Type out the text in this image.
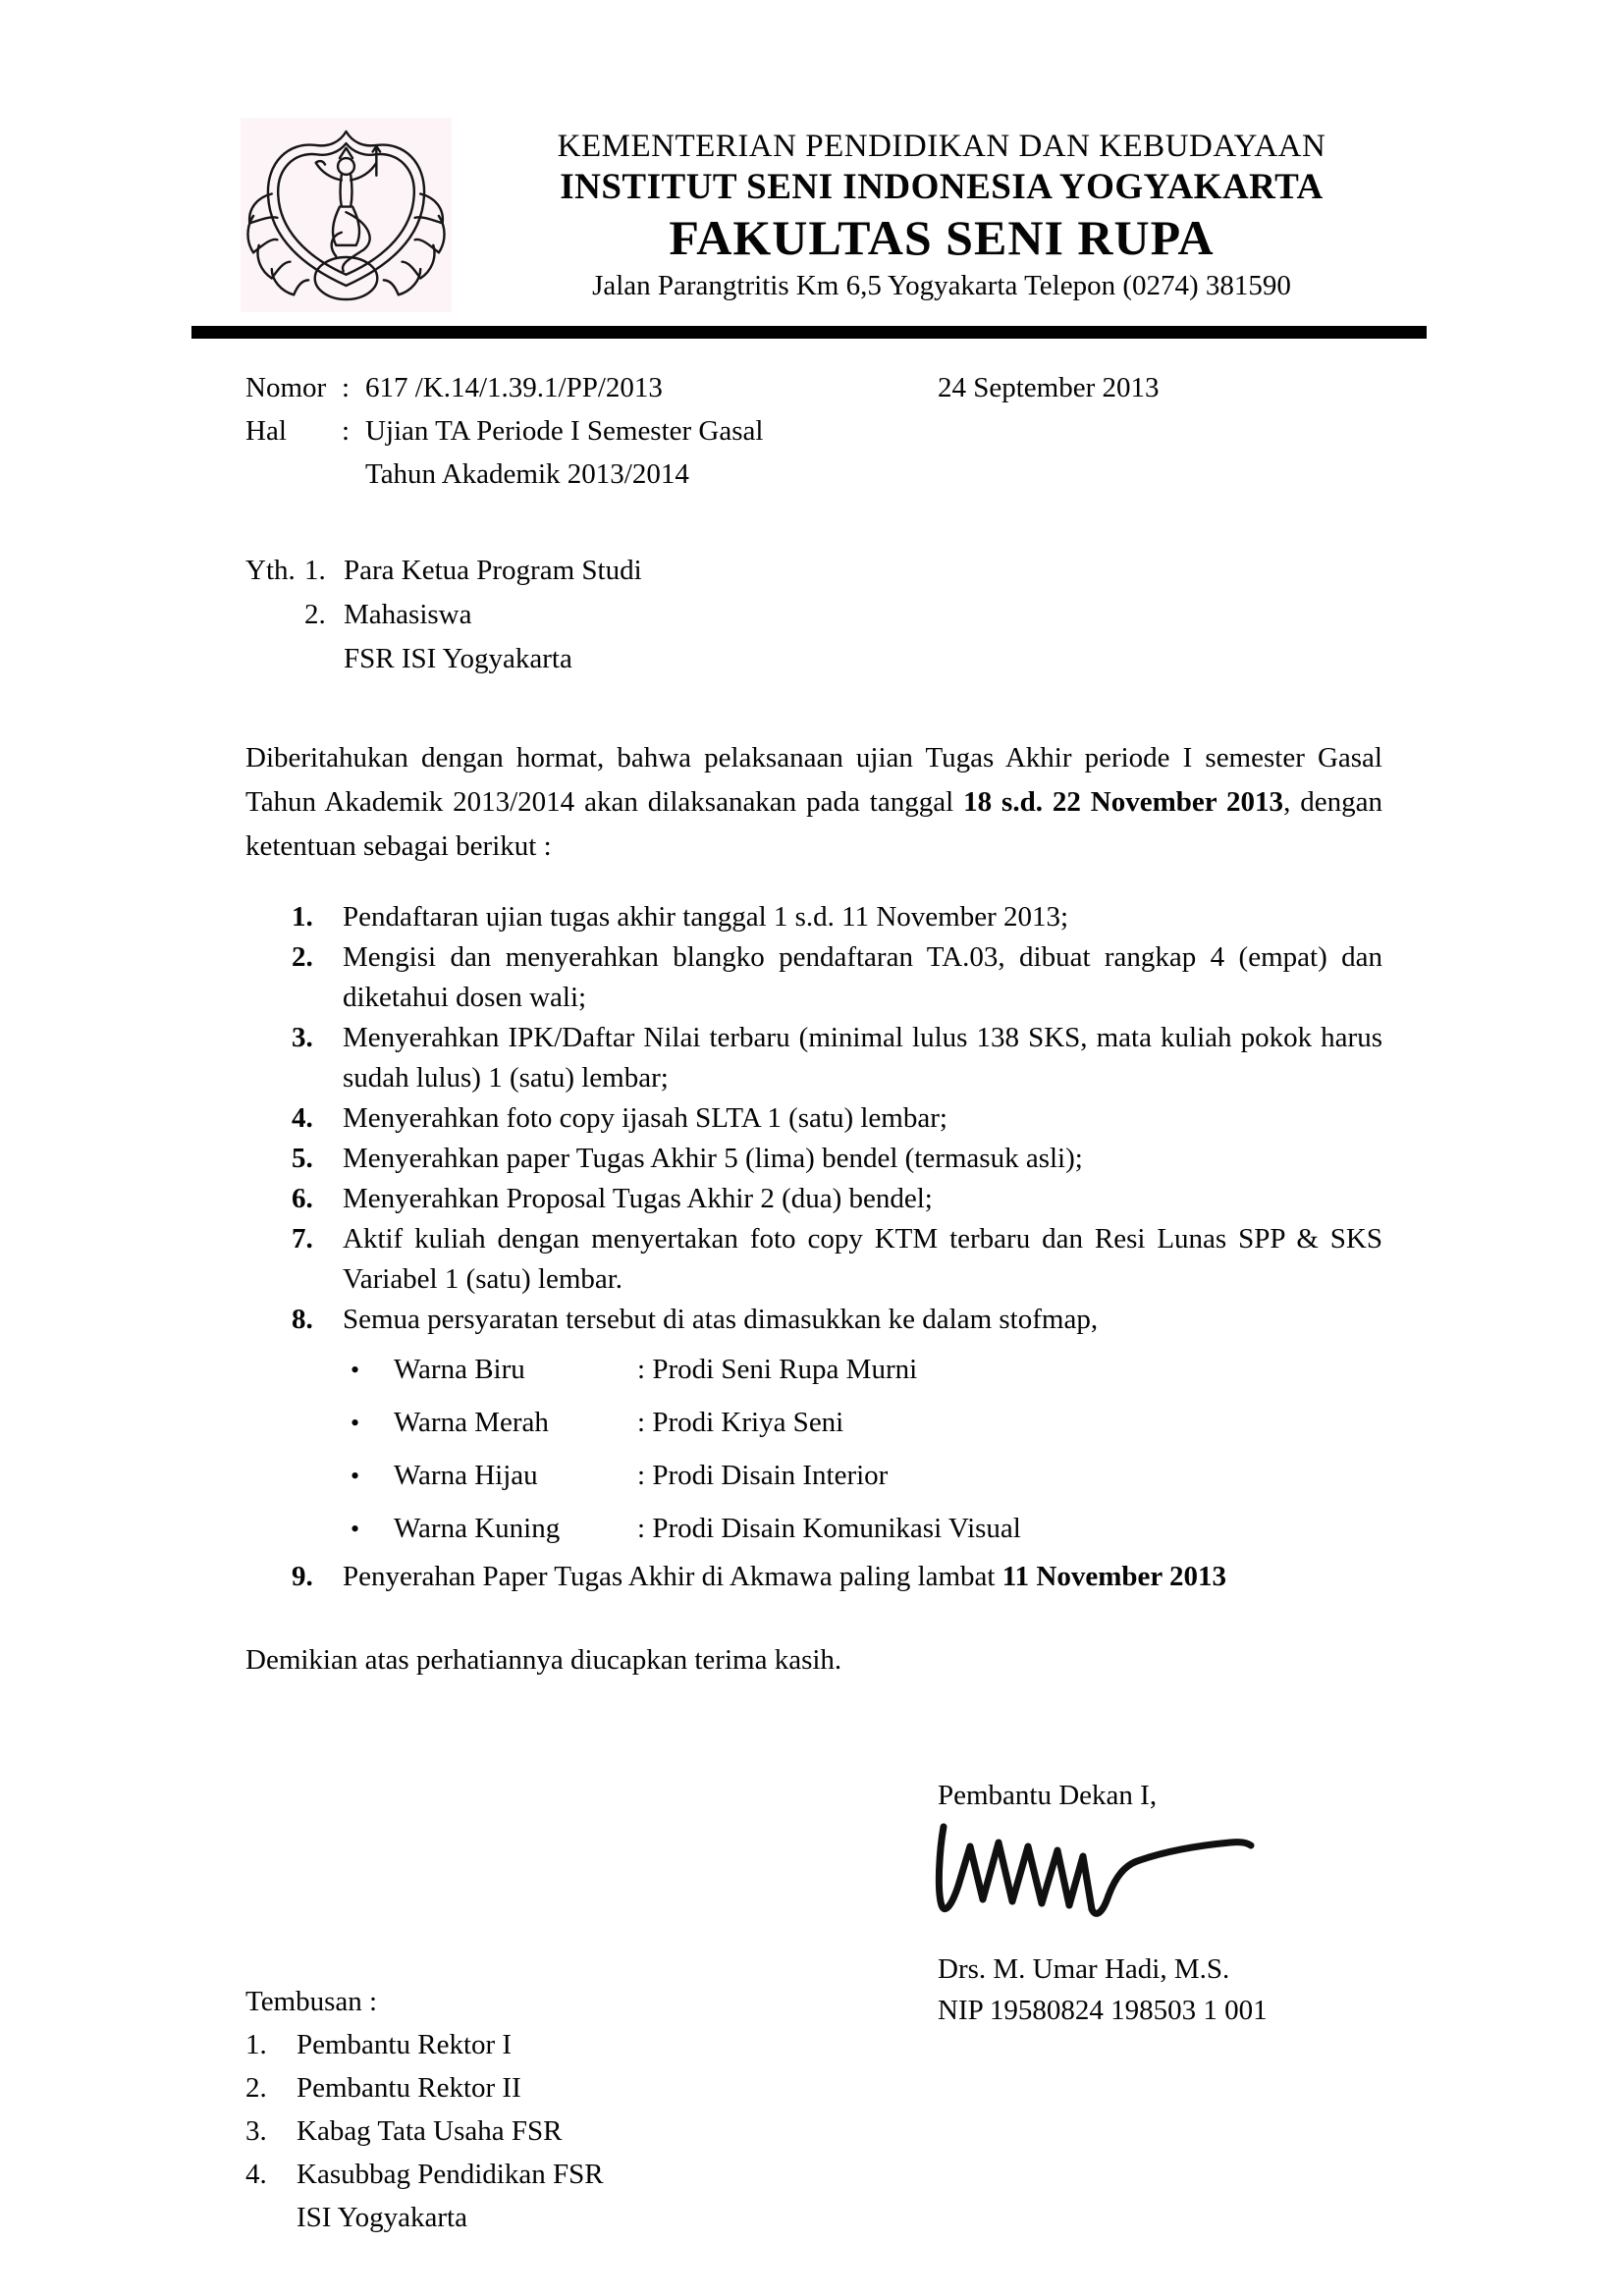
KEMENTERIAN PENDIDIKAN DAN KEBUDAYAAN
INSTITUT SENI INDONESIA YOGYAKARTA
FAKULTAS SENI RUPA
Jalan Parangtritis Km 6,5 Yogyakarta Telepon (0274) 381590
Nomor : 617 /K.14/1.39.1/PP/2013	24 September 2013
Hal	: Ujian TA Periode I Semester Gasal
Tahun Akademik 2013/2014
Yth. 1. Para Ketua Program Studi
2. Mahasiswa
FSR ISI Yogyakarta

Diberitahukan dengan hormat, bahwa pelaksanaan ujian Tugas Akhir periode I semester Gasal Tahun Akademik 2013/2014 akan dilaksanakan pada tanggal 18 s.d. 22 November 2013, dengan ketentuan sebagai berikut :

1.	Pendaftaran ujian tugas akhir tanggal 1 s.d. 11 November 2013;
2.	Mengisi dan menyerahkan blangko pendaftaran TA.03, dibuat rangkap 4 (empat) dan diketahui dosen wali;
3.	Menyerahkan IPK/Daftar Nilai terbaru (minimal lulus 138 SKS, mata kuliah pokok harus sudah lulus) 1 (satu) lembar;
4.	Menyerahkan foto copy ijasah SLTA 1 (satu) lembar;
5.	Menyerahkan paper Tugas Akhir 5 (lima) bendel (termasuk asli);
6.	Menyerahkan Proposal Tugas Akhir 2 (dua) bendel;
7.	Aktif kuliah dengan menyertakan foto copy KTM terbaru dan Resi Lunas SPP & SKS Variabel 1 (satu) lembar.
8.	Semua persyaratan tersebut di atas dimasukkan ke dalam stofmap,
•	Warna Biru	: Prodi Seni Rupa Murni
•	Warna Merah	: Prodi Kriya Seni
•	Warna Hijau	: Prodi Disain Interior
•	Warna Kuning	: Prodi Disain Komunikasi Visual
9.	Penyerahan Paper Tugas Akhir di Akmawa paling lambat 11 November 2013
Demikian atas perhatiannya diucapkan terima kasih.
Pembantu Dekan I,
Drs. M. Umar Hadi, M.S.
NIP 19580824 198503 1 001
Tembusan :
1.	Pembantu Rektor I
2.	Pembantu Rektor II
3.	Kabag Tata Usaha FSR
4.	Kasubbag Pendidikan FSR
ISI Yogyakarta
